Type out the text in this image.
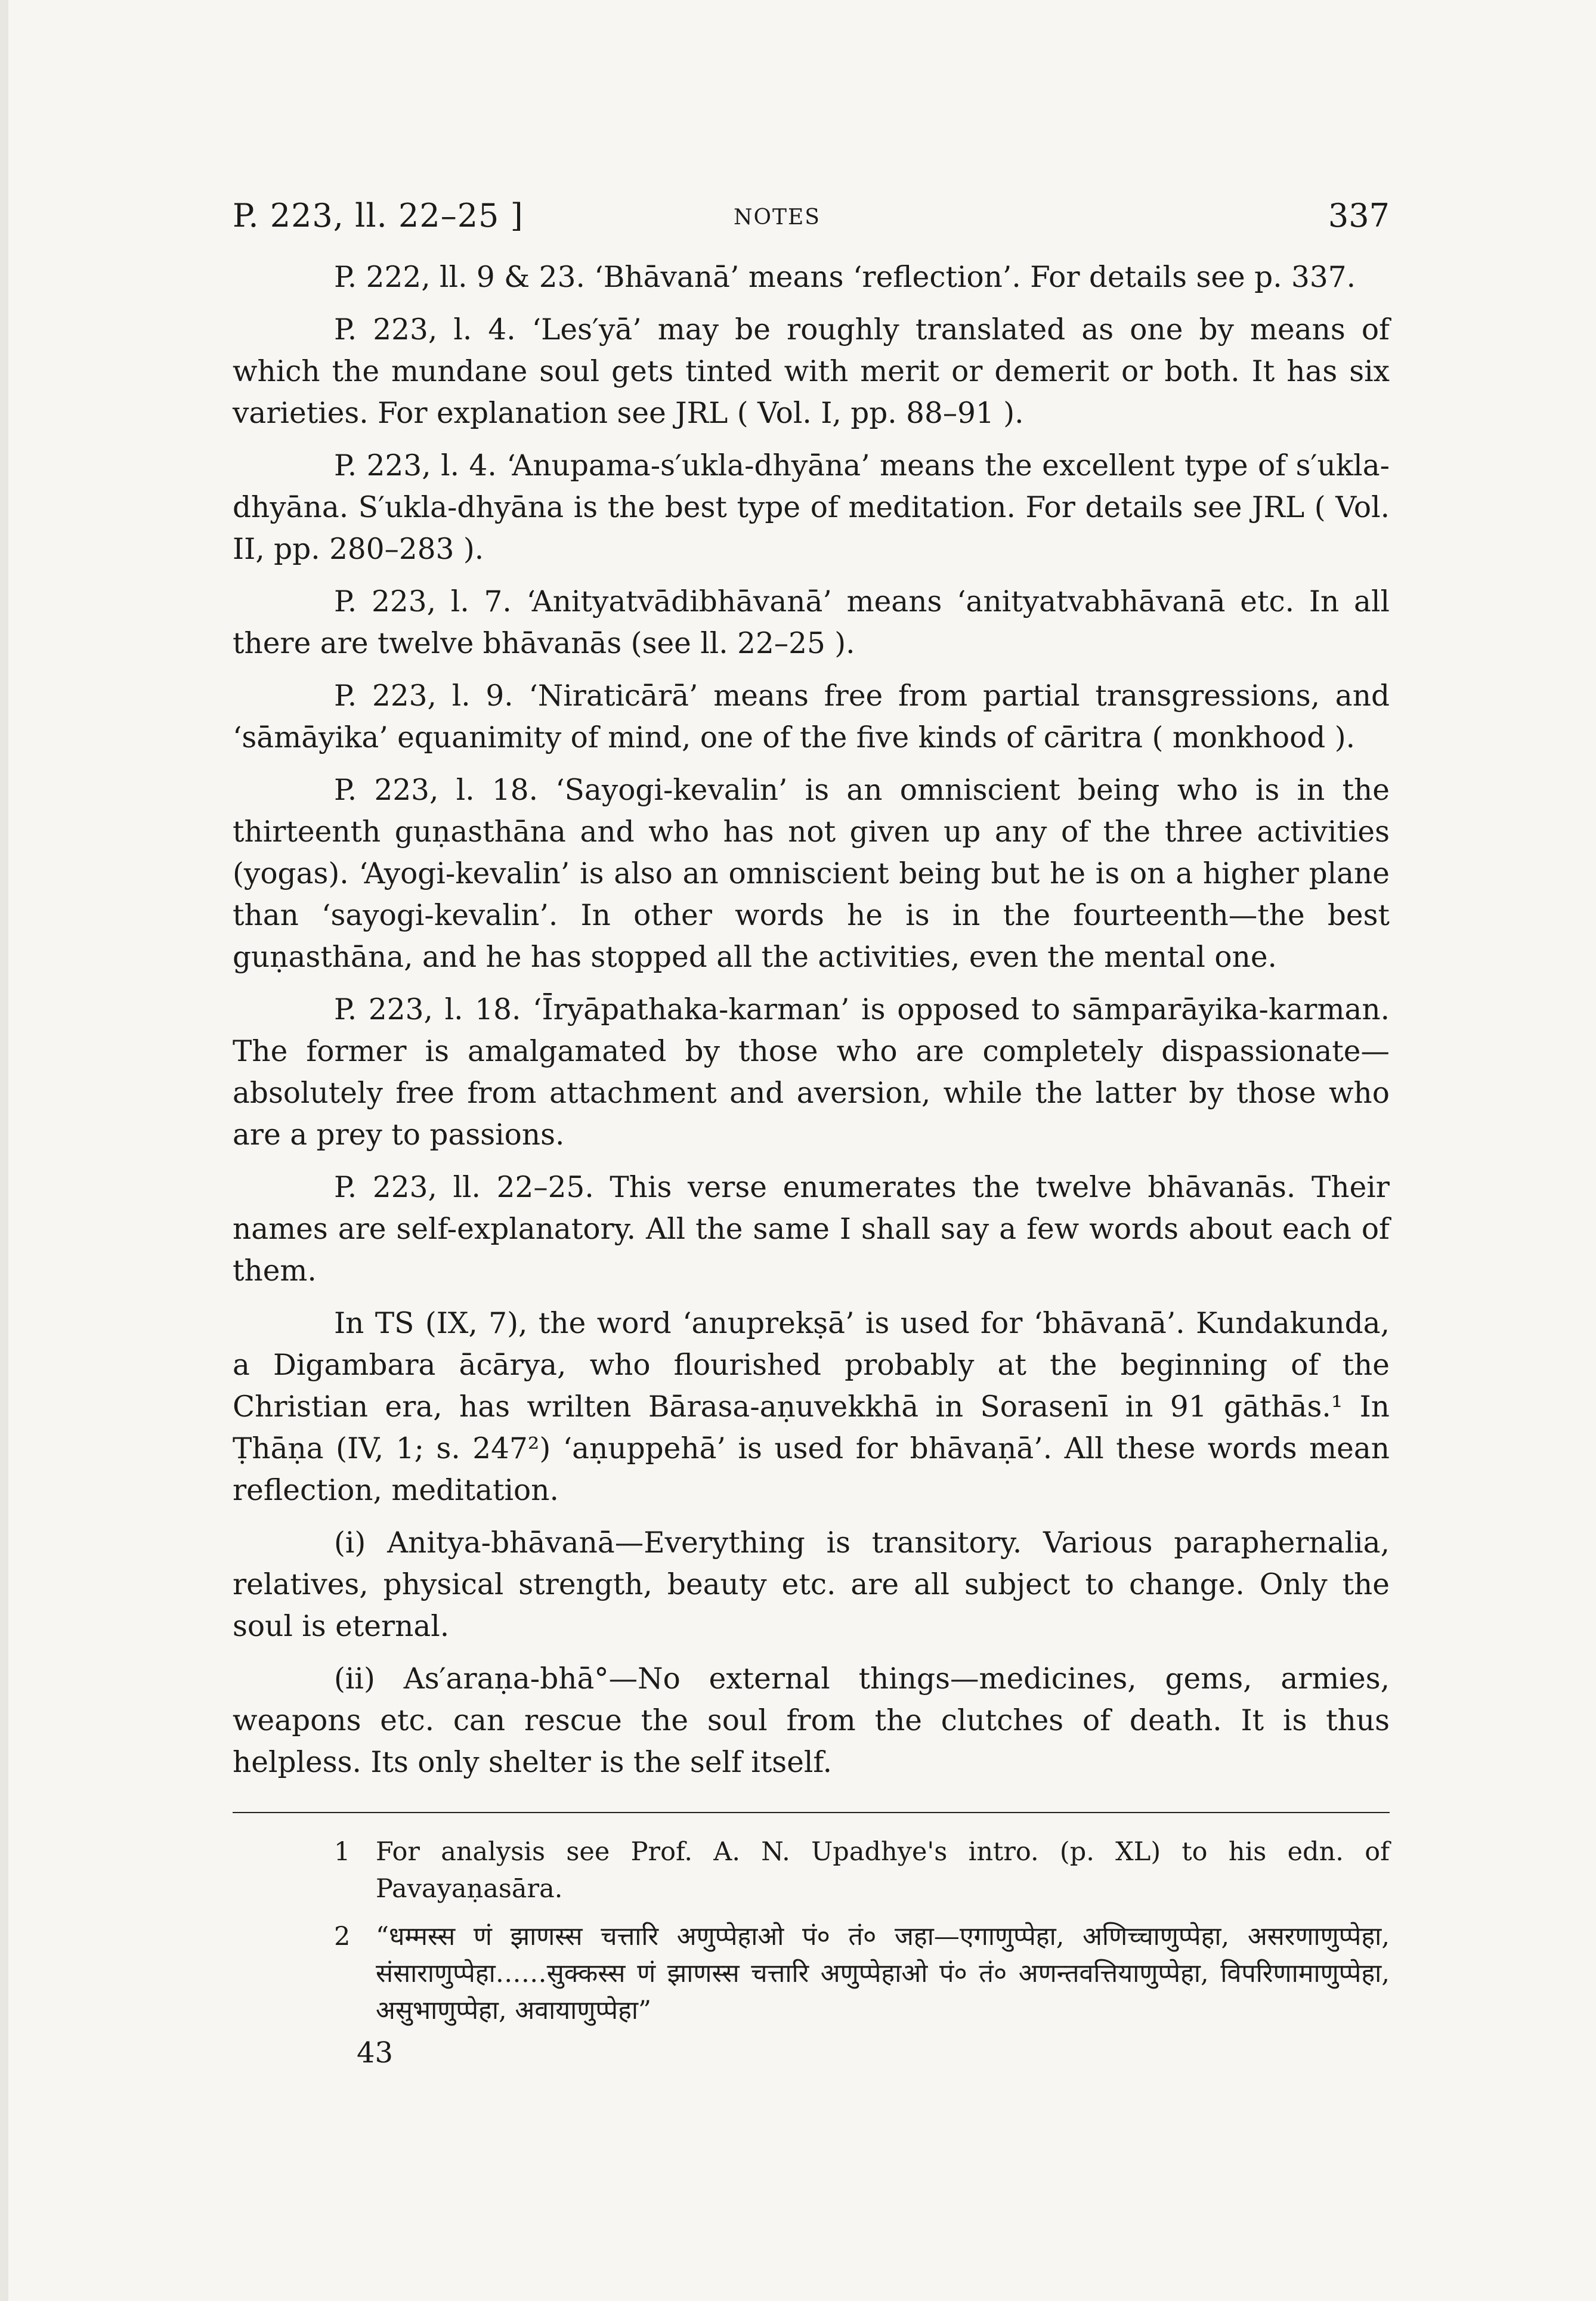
P. 223, ll. 22–25 ]	NOTES	337

P. 222, ll. 9 & 23. ‘Bhāvanā’ means ‘reflection’. For details see p. 337.

P. 223, l. 4. ‘Les′yā’ may be roughly translated as one by means of which the mundane soul gets tinted with merit or demerit or both. It has six varieties. For explanation see JRL ( Vol. I, pp. 88–91 ).

P. 223, l. 4. ‘Anupama-s′ukla-dhyāna’ means the excellent type of s′ukla-dhyāna. S′ukla-dhyāna is the best type of meditation. For details see JRL ( Vol. II, pp. 280–283 ).

P. 223, l. 7. ‘Anityatvādibhāvanā’ means ‘anityatvabhāvanā etc. In all there are twelve bhāvanās (see ll. 22–25 ).

P. 223, l. 9. ‘Niraticārā’ means free from partial transgressions, and ‘sāmāyika’ equanimity of mind, one of the five kinds of cāritra ( monkhood ).

P. 223, l. 18. ‘Sayogi-kevalin’ is an omniscient being who is in the thirteenth guṇasthāna and who has not given up any of the three activities (yogas). ‘Ayogi-kevalin’ is also an omniscient being but he is on a higher plane than ‘sayogi-kevalin’. In other words he is in the fourteenth—the best guṇasthāna, and he has stopped all the activities, even the mental one.

P. 223, l. 18. ‘Īryāpathaka-karman’ is opposed to sāmparāyika-karman. The former is amalgamated by those who are completely dispassionate—absolutely free from attachment and aversion, while the latter by those who are a prey to passions.

P. 223, ll. 22–25. This verse enumerates the twelve bhāvanās. Their names are self-explanatory. All the same I shall say a few words about each of them.

In TS (IX, 7), the word ‘anuprekṣā’ is used for ‘bhāvanā’. Kundakunda, a Digambara ācārya, who flourished probably at the beginning of the Christian era, has wrilten Bārasa-aṇuvekkhā in Sorasenī in 91 gāthās.¹ In Ṭhāṇa (IV, 1; s. 247²) ‘aṇuppehā’ is used for bhāvaṇā’. All these words mean reflection, meditation.

(i) Anitya-bhāvanā—Everything is transitory. Various paraphernalia, relatives, physical strength, beauty etc. are all subject to change. Only the soul is eternal.

(ii) As′araṇa-bhā°—No external things—medicines, gems, armies, weapons etc. can rescue the soul from the clutches of death. It is thus helpless. Its only shelter is the self itself.

1 For analysis see Prof. A. N. Upadhye's intro. (p. XL) to his edn. of Pavayaṇasāra.
2 “धम्मस्स णं झाणस्स चत्तारि अणुप्पेहाओ पं० तं० जहा—एगाणुप्पेहा, अणिच्चाणुप्पेहा, असरणाणुप्पेहा, संसाराणुप्पेहा……सुक्कस्स णं झाणस्स चत्तारि अणुप्पेहाओ पं० तं० अणन्तवत्तियाणुप्पेहा, विपरिणामाणुप्पेहा, असुभाणुप्पेहा, अवायाणुप्पेहा”
43
